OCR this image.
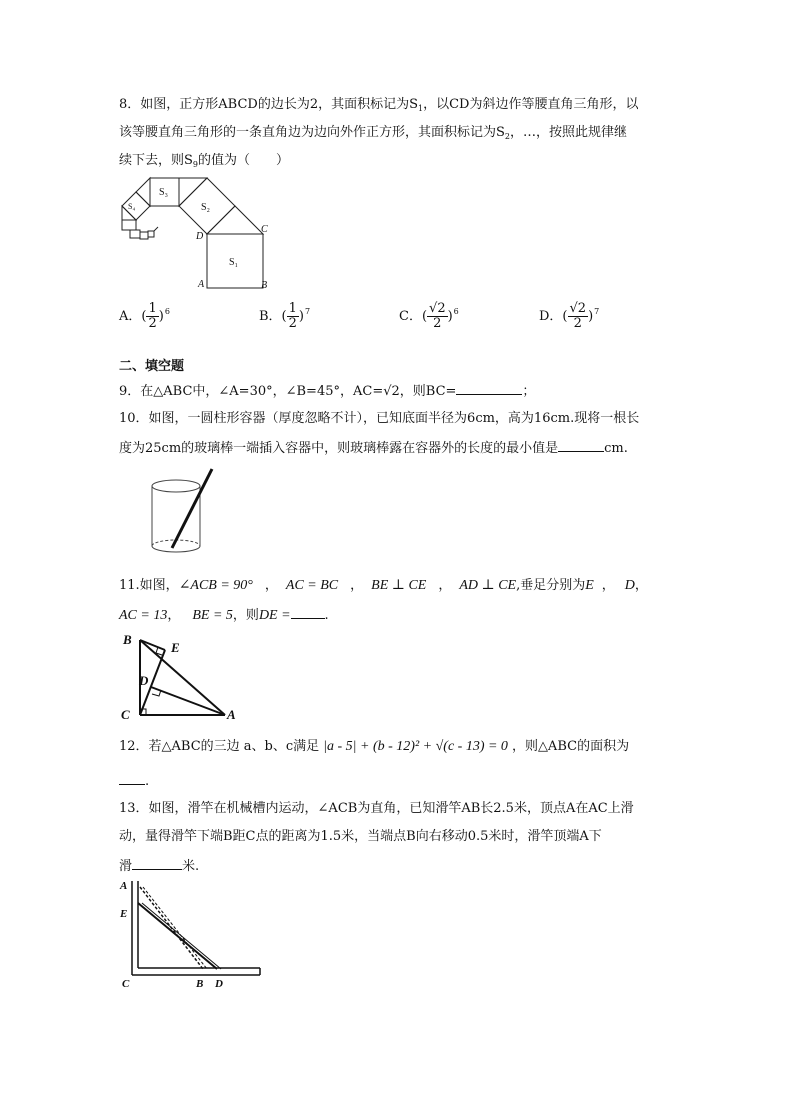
8．如图，正方形ABCD的边长为2，其面积标记为$S_1$，以CD为斜边作等腰直角三角形，以
该等腰直角三角形的一条直角边为边向外作正方形，其面积标记为$S_2$，…，按照此规律继
续下去，则$S_9$的值为（　　）
S₁
S₂
S₃
S₄
A	B
C
D
A．( $\frac{1}{2} )^6$	B．( $\frac{1}{2} )^7$	C．( $\frac{√2}{2} )^6$	D．( $\frac{√2}{2} )^7$
二、填空题
9．在△ABC中，∠A=30°，∠B=45°，AC=√2，则BC=	；
10．如图，一圆柱形容器（厚度忽略不计），已知底面半径为6cm，高为16cm.现将一根长
度为25cm的玻璃棒一端插入容器中，则玻璃棒露在容器外的长度的最小值是	cm.
11.如图，∠ACB = 90° ， AC = BC ， BE ⊥ CE ， AD ⊥ CE,垂足分别为E ， D，
AC = 13， BE = 5，则DE =	.
B
E
D
C	A
12．若△ABC的三边 a、b、c满足 |a - 5| + (b - 12)² + √(c - 13) = 0 ，则△ABC的面积为
.
13．如图，滑竿在机械槽内运动，∠ACB为直角，已知滑竿AB长2.5米，顶点A在AC上滑
动，量得滑竿下端B距C点的距离为1.5米，当端点B向右移动0.5米时，滑竿顶端A下
滑	米.
A
E
C	B D
